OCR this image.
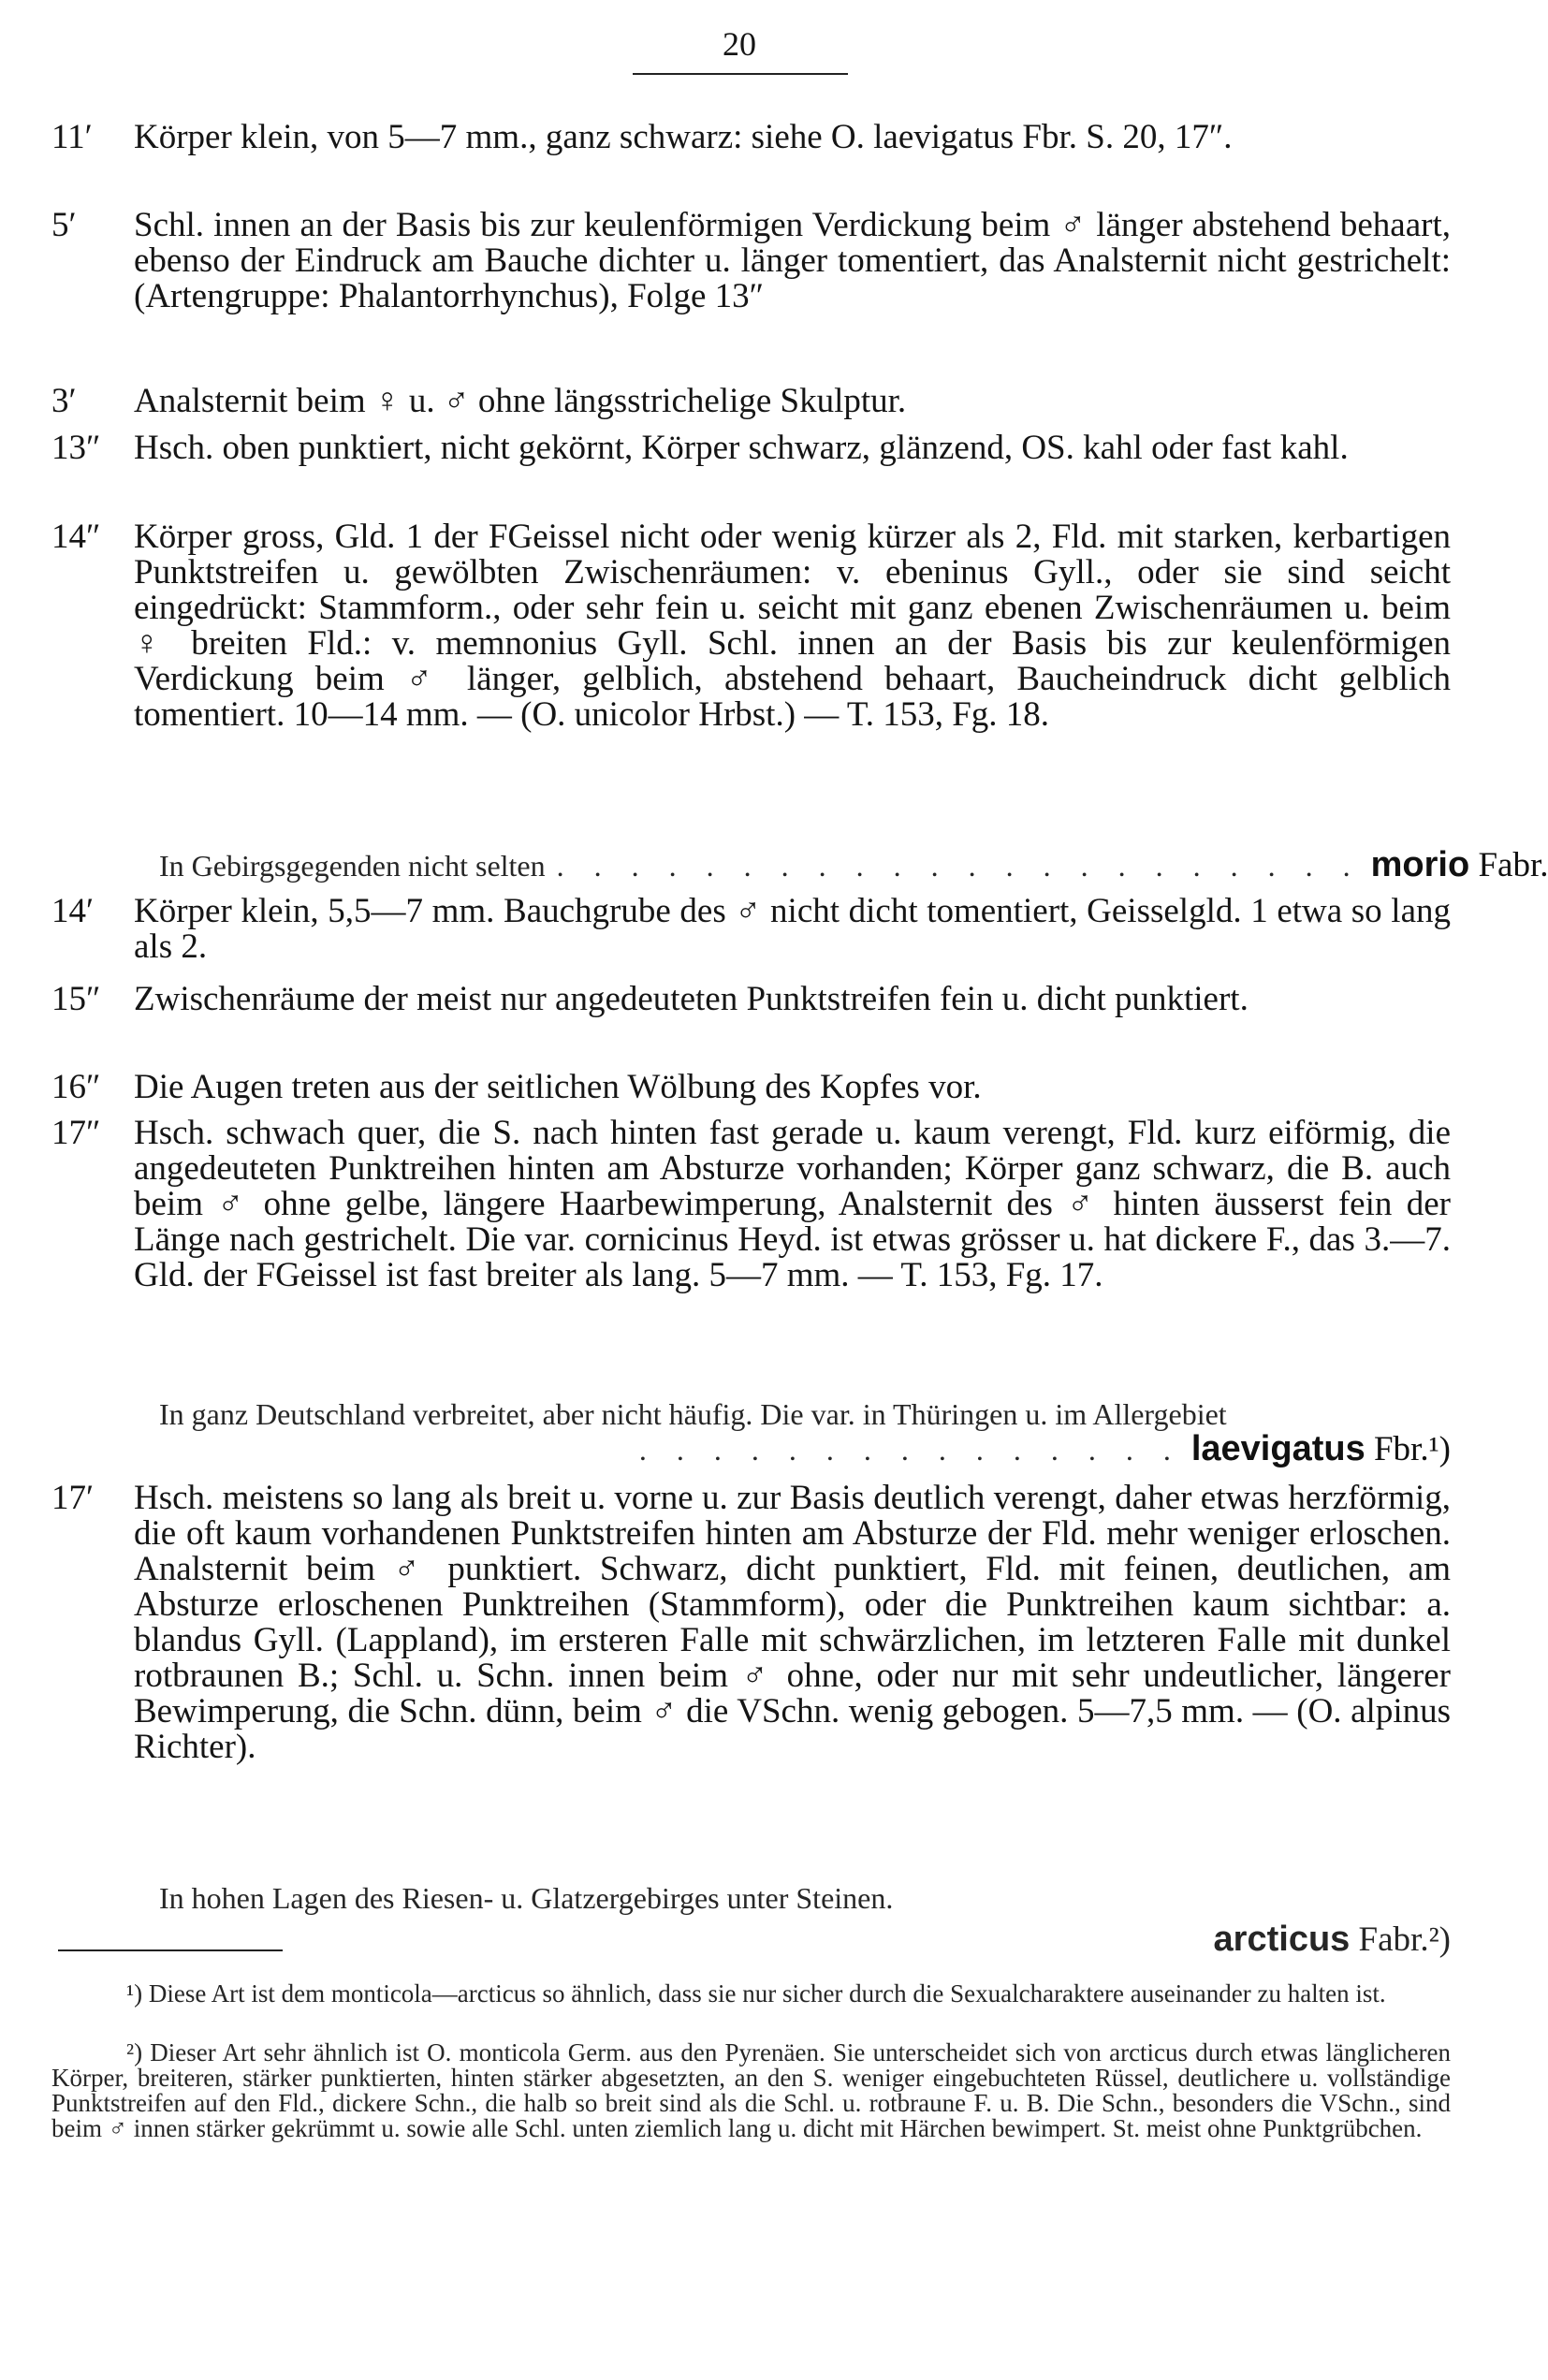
20
11′ Körper klein, von 5—7 mm., ganz schwarz: siehe O. laevigatus Fbr. S. 20, 17″.
5′ Schl. innen an der Basis bis zur keulenförmigen Verdickung beim ♂ länger abstehend behaart, ebenso der Eindruck am Bauche dichter u. länger tomentiert, das Analsternit nicht gestrichelt: (Artengruppe: Phalantorrhynchus), Folge 13″
3′ Analsternit beim ♀ u. ♂ ohne längsstrichelige Skulptur.
13″ Hsch. oben punktiert, nicht gekörnt, Körper schwarz, glänzend, OS. kahl oder fast kahl.
14″ Körper gross, Gld. 1 der FGeissel nicht oder wenig kürzer als 2, Fld. mit starken, kerbartigen Punktstreifen u. gewölbten Zwischenräumen: v. ebeninus Gyll., oder sie sind seicht eingedrückt: Stammform., oder sehr fein u. seicht mit ganz ebenen Zwischenräumen u. beim ♀ breiten Fld.: v. memnonius Gyll. Schl. innen an der Basis bis zur keulenförmigen Verdickung beim ♂ länger, gelblich, abstehend behaart, Baucheindruck dicht gelblich tomentiert. 10—14 mm. — (O. unicolor Hrbst.) — T. 153, Fg. 18.
In Gebirgsgegenden nicht selten . . . . . . . . . . . . . . . . . . . . . . morio Fabr.
14′ Körper klein, 5,5—7 mm. Bauchgrube des ♂ nicht dicht tomentiert, Geisselgld. 1 etwa so lang als 2.
15″ Zwischenräume der meist nur angedeuteten Punktstreifen fein u. dicht punktiert.
16″ Die Augen treten aus der seitlichen Wölbung des Kopfes vor.
17″ Hsch. schwach quer, die S. nach hinten fast gerade u. kaum verengt, Fld. kurz eiförmig, die angedeuteten Punktreihen hinten am Absturze vorhanden; Körper ganz schwarz, die B. auch beim ♂ ohne gelbe, längere Haarbewimperung, Analsternit des ♂ hinten äusserst fein der Länge nach gestrichelt. Die var. cornicinus Heyd. ist etwas grösser u. hat dickere F., das 3.—7. Gld. der FGeissel ist fast breiter als lang. 5—7 mm. — T. 153, Fg. 17.
In ganz Deutschland verbreitet, aber nicht häufig. Die var. in Thüringen u. im Allergebiet
. . . . . . . . . . . . . . . laevigatus Fbr.¹)
17′ Hsch. meistens so lang als breit u. vorne u. zur Basis deutlich verengt, daher etwas herzförmig, die oft kaum vorhandenen Punktstreifen hinten am Absturze der Fld. mehr weniger erloschen. Analsternit beim ♂ punktiert. Schwarz, dicht punktiert, Fld. mit feinen, deutlichen, am Absturze erloschenen Punktreihen (Stammform), oder die Punktreihen kaum sichtbar: a. blandus Gyll. (Lappland), im ersteren Falle mit schwärzlichen, im letzteren Falle mit dunkel rotbraunen B.; Schl. u. Schn. innen beim ♂ ohne, oder nur mit sehr undeutlicher, längerer Bewimperung, die Schn. dünn, beim ♂ die VSchn. wenig gebogen. 5—7,5 mm. — (O. alpinus Richter).
In hohen Lagen des Riesen- u. Glatzergebirges unter Steinen.
arcticus Fabr.²)
¹) Diese Art ist dem monticola—arcticus so ähnlich, dass sie nur sicher durch die Sexualcharaktere auseinander zu halten ist.
²) Dieser Art sehr ähnlich ist O. monticola Germ. aus den Pyrenäen. Sie unterscheidet sich von arcticus durch etwas länglicheren Körper, breiteren, stärker punktierten, hinten stärker abgesetzten, an den S. weniger eingebuchteten Rüssel, deutlichere u. vollständige Punktstreifen auf den Fld., dickere Schn., die halb so breit sind als die Schl. u. rotbraune F. u. B. Die Schn., besonders die VSchn., sind beim ♂ innen stärker gekrümmt u. sowie alle Schl. unten ziemlich lang u. dicht mit Härchen bewimpert. St. meist ohne Punktgrübchen.
